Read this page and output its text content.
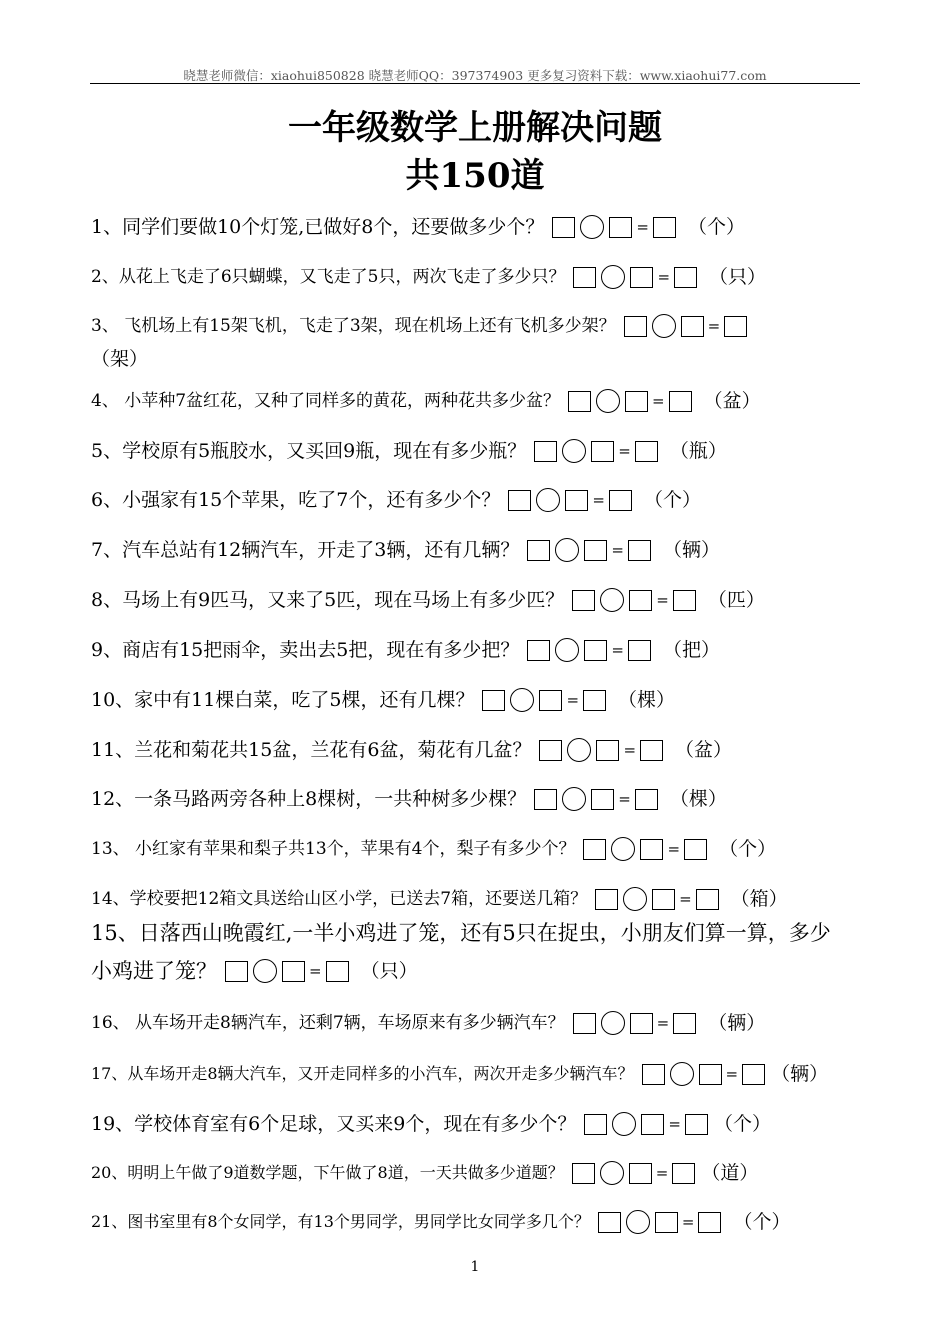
晓慧老师微信：xiaohui850828 晓慧老师QQ：397374903 更多复习资料下载：www.xiaohui77.com
一年级数学上册解决问题
共150道
1、同学们要做10个灯笼,已做好8个，还要做多少个？	= （个）
2、从花上飞走了6只蝴蝶，又飞走了5只，两次飞走了多少只？	= （只）
3、 飞机场上有15架飞机，飞走了3架，现在机场上还有飞机多少架？	=
（架）
4、 小苹种7盆红花，又种了同样多的黄花，两种花共多少盆？	= （盆）
5、学校原有5瓶胶水，又买回9瓶，现在有多少瓶？	= （瓶）
6、小强家有15个苹果，吃了7个，还有多少个？	= （个）
7、汽车总站有12辆汽车，开走了3辆，还有几辆？	= （辆）
8、马场上有9匹马，又来了5匹，现在马场上有多少匹？	= （匹）
9、商店有15把雨伞，卖出去5把，现在有多少把？	= （把）
10、家中有11棵白菜，吃了5棵，还有几棵？	= （棵）
11、兰花和菊花共15盆，兰花有6盆，菊花有几盆？	= （盆）
12、一条马路两旁各种上8棵树，一共种树多少棵？	= （棵）
13、 小红家有苹果和梨子共13个，苹果有4个，梨子有多少个？	= （个）
14、学校要把12箱文具送给山区小学，已送去7箱，还要送几箱？	= （箱）
15、日落西山晚霞红,一半小鸡进了笼，还有5只在捉虫，小朋友们算一算，多少
小鸡进了笼？	= （只）
16、 从车场开走8辆汽车，还剩7辆，车场原来有多少辆汽车？	= （辆）
17、从车场开走8辆大汽车，又开走同样多的小汽车，两次开走多少辆汽车？	= （辆）
19、学校体育室有6个足球，又买来9个，现在有多少个？	= （个）
20、明明上午做了9道数学题，下午做了8道，一天共做多少道题？	= （道）
21、图书室里有8个女同学，有13个男同学，男同学比女同学多几个？	= （个）
1
